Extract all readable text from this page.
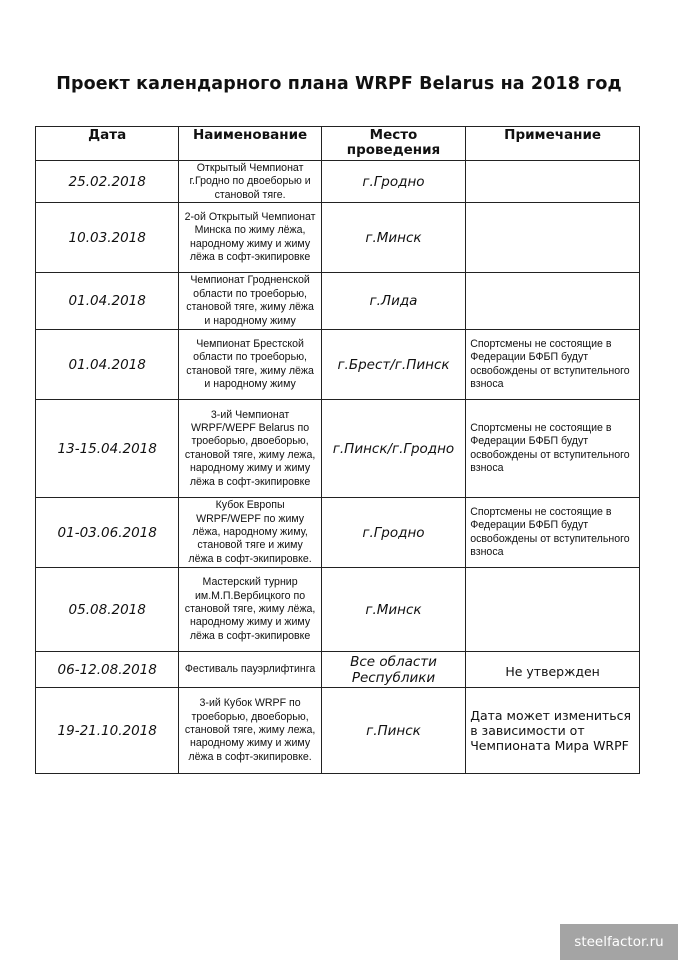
Проект календарного плана WRPF Belarus на 2018 год
Дата	Наименование	Место проведения	Примечание
25.02.2018	Открытый Чемпионат г.Гродно по двоеборью и становой тяге.	г.Гродно	
10.03.2018	2-ой Открытый Чемпионат Минска по жиму лёжа, народному жиму и жиму лёжа в софт-экипировке	г.Минск	
01.04.2018	Чемпионат Гродненской области по троеборью, становой тяге, жиму лёжа и народному жиму	г.Лида	
01.04.2018	Чемпионат Брестской области по троеборью, становой тяге, жиму лёжа и народному жиму	г.Брест/г.Пинск	Спортсмены не состоящие в Федерации БФБП будут освобождены от вступительного взноса
13-15.04.2018	3-ий Чемпионат WRPF/WEPF Belarus по троеборью, двоеборью, становой тяге, жиму лежа, народному жиму и жиму лёжа в софт-экипировке	г.Пинск/г.Гродно	Спортсмены не состоящие в Федерации БФБП будут освобождены от вступительного взноса
01-03.06.2018	Кубок Европы WRPF/WEPF по жиму лёжа, народному жиму, становой тяге и жиму лёжа в софт-экипировке.	г.Гродно	Спортсмены не состоящие в Федерации БФБП будут освобождены от вступительного взноса
05.08.2018	Мастерский турнир им.М.П.Вербицкого по становой тяге, жиму лёжа, народному жиму и жиму лёжа в софт-экипировке	г.Минск	
06-12.08.2018	Фестиваль пауэрлифтинга	Все области Республики	Не утвержден
19-21.10.2018	3-ий Кубок WRPF по троеборью, двоеборью, становой тяге, жиму лежа, народному жиму и жиму лёжа в софт-экипировке.	г.Пинск	Дата может измениться в зависимости от Чемпионата Мира WRPF
steelfactor.ru
